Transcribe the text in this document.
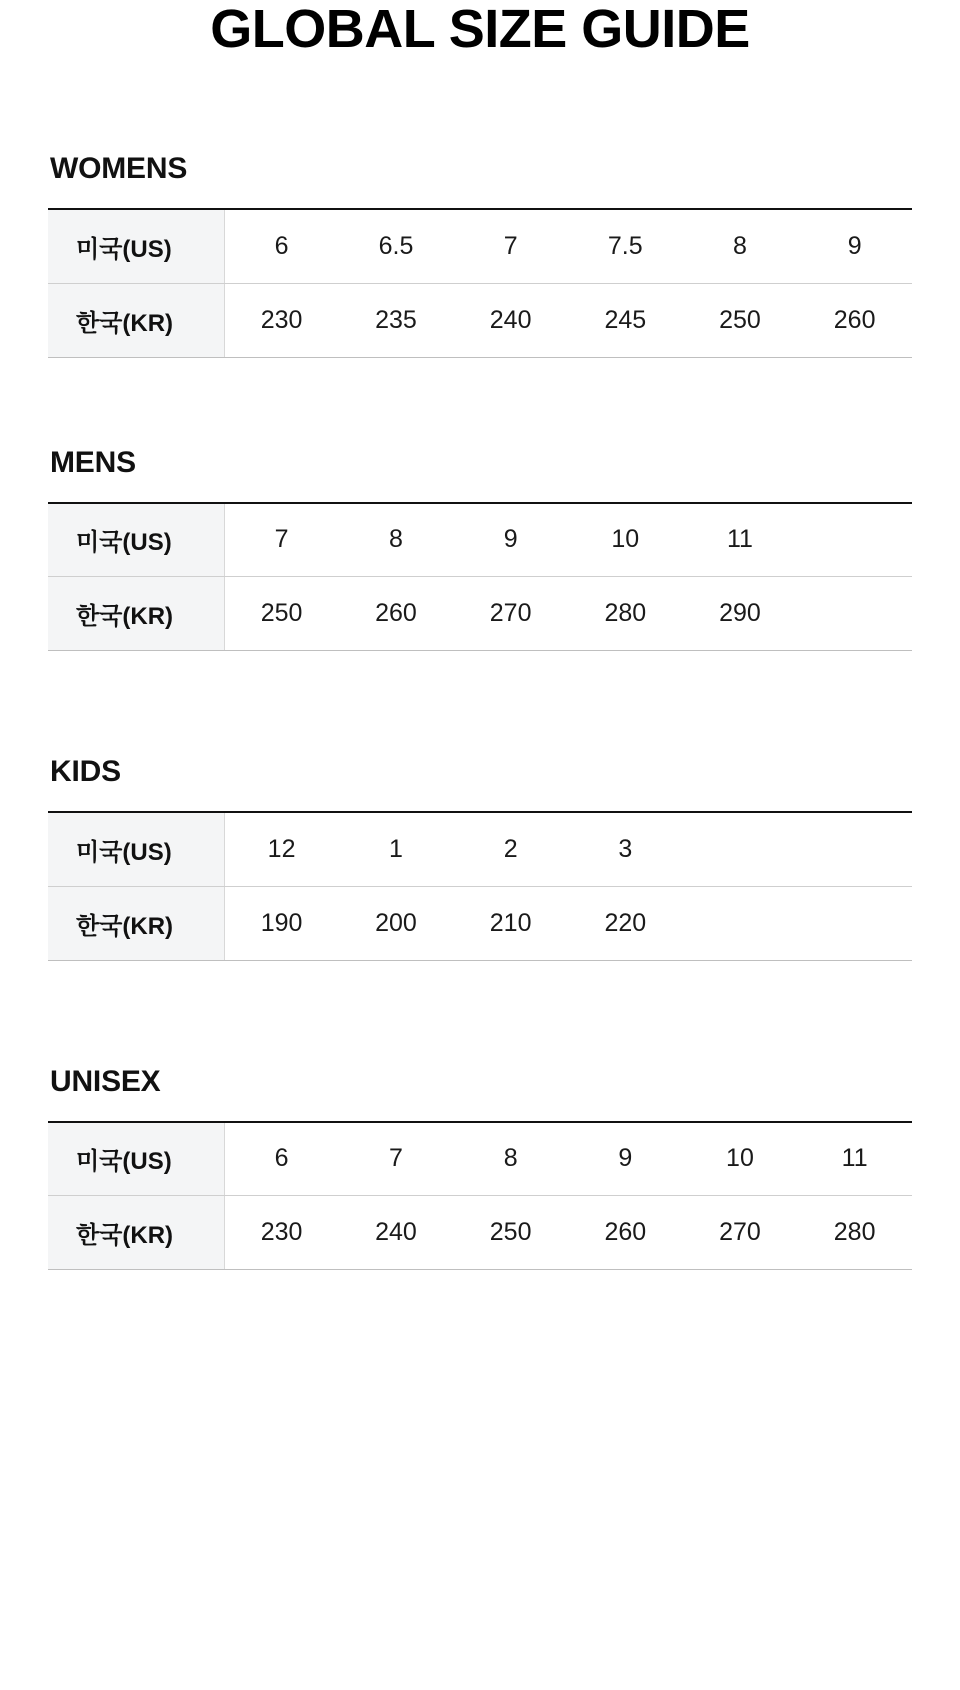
GLOBAL SIZE GUIDE
WOMENS
미국(US)	6	6.5	7	7.5	8	9
한국(KR)	230	235	240	245	250	260
MENS
미국(US)	7	8	9	10	11	
한국(KR)	250	260	270	280	290	
KIDS
미국(US)	12	1	2	3		
한국(KR)	190	200	210	220		
UNISEX
미국(US)	6	7	8	9	10	11
한국(KR)	230	240	250	260	270	280
